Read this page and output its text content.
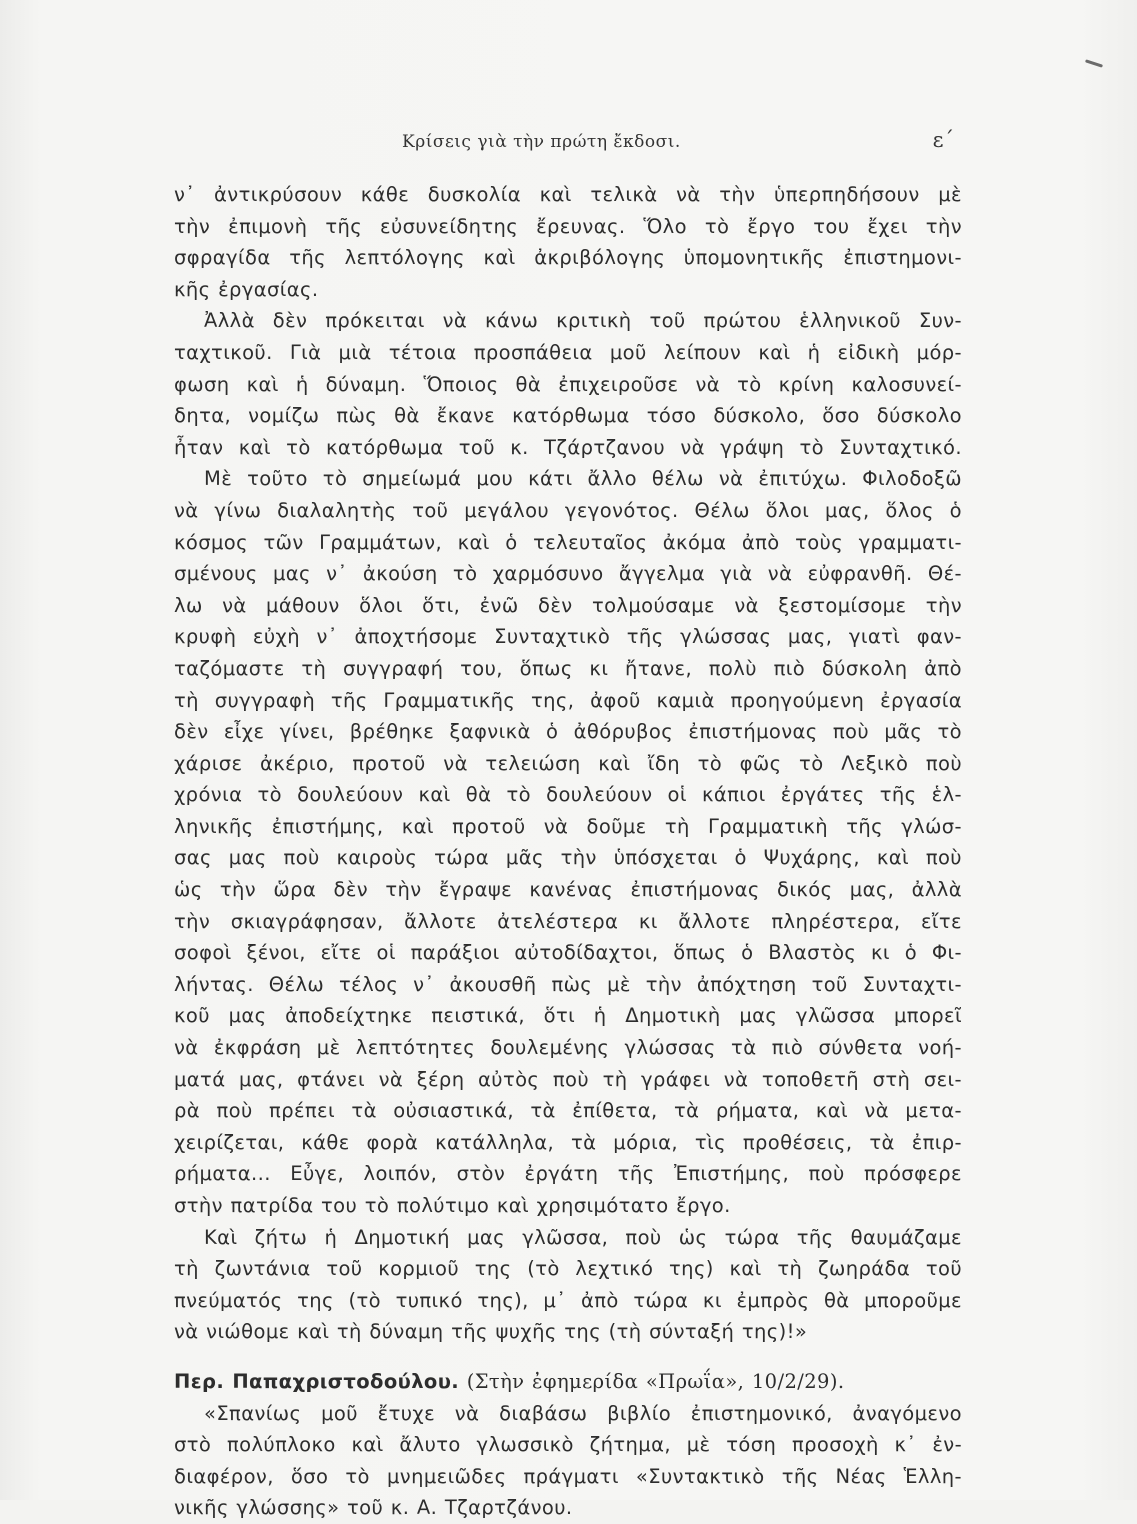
Κρίσεις γιὰ τὴν πρώτη ἔκδοσι.	ε΄
ν᾽ ἀντικρύσουν κάθε δυσκολία καὶ τελικὰ νὰ τὴν ὑπερπηδήσουν μὲ
τὴν ἐπιμονὴ τῆς εὐσυνείδητης ἔρευνας. Ὅλο τὸ ἔργο του ἔχει τὴν
σφραγίδα τῆς λεπτόλογης καὶ ἀκριβόλογης ὑπομονητικῆς ἐπιστημονι-
κῆς ἐργασίας.
Ἀλλὰ δὲν πρόκειται νὰ κάνω κριτικὴ τοῦ πρώτου ἑλληνικοῦ Συν-
ταχτικοῦ. Γιὰ μιὰ τέτοια προσπάθεια μοῦ λείπουν καὶ ἡ εἰδικὴ μόρ-
φωση καὶ ἡ δύναμη. Ὅποιος θὰ ἐπιχειροῦσε νὰ τὸ κρίνη καλοσυνεί-
δητα, νομίζω πὼς θὰ ἔκανε κατόρθωμα τόσο δύσκολο, ὅσο δύσκολο
ἦταν καὶ τὸ κατόρθωμα τοῦ κ. Τζάρτζανου νὰ γράψη τὸ Συνταχτικό.
Μὲ τοῦτο τὸ σημείωμά μου κάτι ἄλλο θέλω νὰ ἐπιτύχω. Φιλοδοξῶ
νὰ γίνω διαλαλητὴς τοῦ μεγάλου γεγονότος. Θέλω ὅλοι μας, ὅλος ὁ
κόσμος τῶν Γραμμάτων, καὶ ὁ τελευταῖος ἀκόμα ἀπὸ τοὺς γραμματι-
σμένους μας ν᾽ ἀκούση τὸ χαρμόσυνο ἄγγελμα γιὰ νὰ εὐφρανθῆ. Θέ-
λω νὰ μάθουν ὅλοι ὅτι, ἐνῶ δὲν τολμούσαμε νὰ ξεστομίσομε τὴν
κρυφὴ εὐχὴ ν᾽ ἀποχτήσομε Συνταχτικὸ τῆς γλώσσας μας, γιατὶ φαν-
ταζόμαστε τὴ συγγραφή του, ὅπως κι ἤτανε, πολὺ πιὸ δύσκολη ἀπὸ
τὴ συγγραφὴ τῆς Γραμματικῆς της, ἀφοῦ καμιὰ προηγούμενη ἐργασία
δὲν εἶχε γίνει, βρέθηκε ξαφνικὰ ὁ ἀθόρυβος ἐπιστήμονας ποὺ μᾶς τὸ
χάρισε ἀκέριο, προτοῦ νὰ τελειώση καὶ ἴδη τὸ φῶς τὸ Λεξικὸ ποὺ
χρόνια τὸ δουλεύουν καὶ θὰ τὸ δουλεύουν οἱ κάπιοι ἐργάτες τῆς ἑλ-
ληνικῆς ἐπιστήμης, καὶ προτοῦ νὰ δοῦμε τὴ Γραμματικὴ τῆς γλώσ-
σας μας ποὺ καιροὺς τώρα μᾶς τὴν ὑπόσχεται ὁ Ψυχάρης, καὶ ποὺ
ὡς τὴν ὥρα δὲν τὴν ἔγραψε κανένας ἐπιστήμονας δικός μας, ἀλλὰ
τὴν σκιαγράφησαν, ἄλλοτε ἀτελέστερα κι ἄλλοτε πληρέστερα, εἴτε
σοφοὶ ξένοι, εἴτε οἱ παράξιοι αὐτοδίδαχτοι, ὅπως ὁ Βλαστὸς κι ὁ Φι-
λήντας. Θέλω τέλος ν᾽ ἀκουσθῆ πὼς μὲ τὴν ἀπόχτηση τοῦ Συνταχτι-
κοῦ μας ἀποδείχτηκε πειστικά, ὅτι ἡ Δημοτικὴ μας γλῶσσα μπορεῖ
νὰ ἐκφράση μὲ λεπτότητες δουλεμένης γλώσσας τὰ πιὸ σύνθετα νοή-
ματά μας, φτάνει νὰ ξέρη αὐτὸς ποὺ τὴ γράφει νὰ τοποθετῆ στὴ σει-
ρὰ ποὺ πρέπει τὰ οὐσιαστικά, τὰ ἐπίθετα, τὰ ρήματα, καὶ νὰ μετα-
χειρίζεται, κάθε φορὰ κατάλληλα, τὰ μόρια, τὶς προθέσεις, τὰ ἐπιρ-
ρήματα... Εὖγε, λοιπόν, στὸν ἐργάτη τῆς Ἐπιστήμης, ποὺ πρόσφερε
στὴν πατρίδα του τὸ πολύτιμο καὶ χρησιμότατο ἔργο.
Καὶ ζήτω ἡ Δημοτική μας γλῶσσα, ποὺ ὡς τώρα τῆς θαυμάζαμε
τὴ ζωντάνια τοῦ κορμιοῦ της (τὸ λεχτικό της) καὶ τὴ ζωηράδα τοῦ
πνεύματός της (τὸ τυπικό της), μ᾽ ἀπὸ τώρα κι ἐμπρὸς θὰ μποροῦμε
νὰ νιώθομε καὶ τὴ δύναμη τῆς ψυχῆς της (τὴ σύνταξή της)!»
Περ. Παπαχριστοδούλου. (Στὴν ἐφημερίδα «Πρωΐα», 10/2/29).
«Σπανίως μοῦ ἔτυχε νὰ διαβάσω βιβλίο ἐπιστημονικό, ἀναγόμενο
στὸ πολύπλοκο καὶ ἄλυτο γλωσσικὸ ζήτημα, μὲ τόση προσοχὴ κ᾽ ἐν-
διαφέρον, ὅσο τὸ μνημειῶδες πράγματι «Συντακτικὸ τῆς Νέας Ἑλλη-
νικῆς γλώσσης» τοῦ κ. Α. Τζαρτζάνου.
